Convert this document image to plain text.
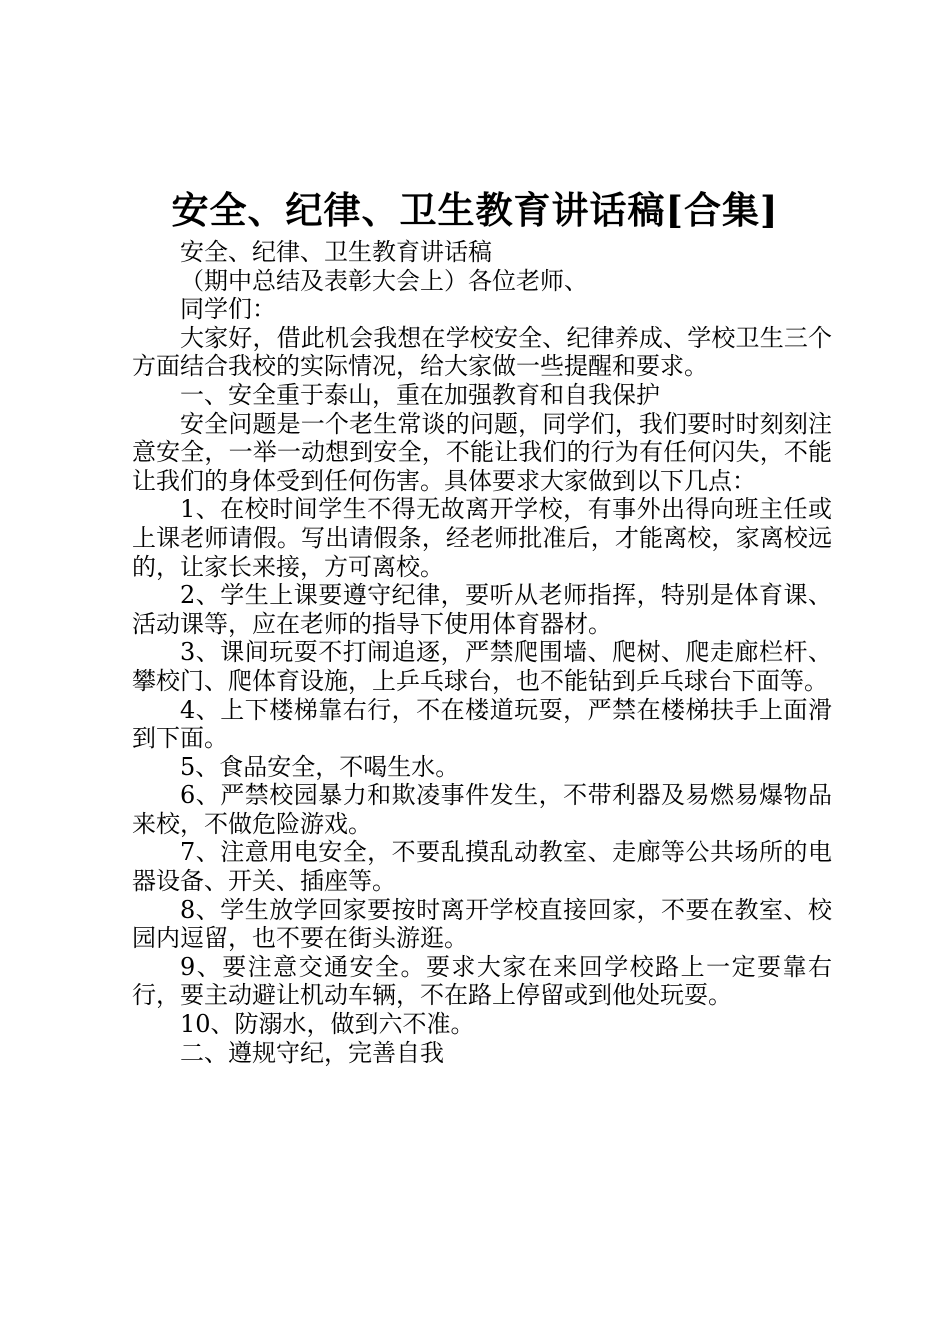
安全、纪律、卫生教育讲话稿[合集]

安全、纪律、卫生教育讲话稿

（期中总结及表彰大会上）各位老师、

同学们：

大家好，借此机会我想在学校安全、纪律养成、学校卫生三个方面结合我校的实际情况，给大家做一些提醒和要求。

一、安全重于泰山，重在加强教育和自我保护

安全问题是一个老生常谈的问题，同学们，我们要时时刻刻注意安全，一举一动想到安全，不能让我们的行为有任何闪失，不能让我们的身体受到任何伤害。具体要求大家做到以下几点：

1、在校时间学生不得无故离开学校，有事外出得向班主任或上课老师请假。写出请假条，经老师批准后，才能离校，家离校远的，让家长来接，方可离校。

2、学生上课要遵守纪律，要听从老师指挥，特别是体育课、活动课等，应在老师的指导下使用体育器材。

3、课间玩耍不打闹追逐，严禁爬围墙、爬树、爬走廊栏杆、攀校门、爬体育设施，上乒乓球台，也不能钻到乒乓球台下面等。

4、上下楼梯靠右行，不在楼道玩耍，严禁在楼梯扶手上面滑到下面。

5、食品安全，不喝生水。

6、严禁校园暴力和欺凌事件发生，不带利器及易燃易爆物品来校，不做危险游戏。

7、注意用电安全，不要乱摸乱动教室、走廊等公共场所的电器设备、开关、插座等。

8、学生放学回家要按时离开学校直接回家，不要在教室、校园内逗留，也不要在街头游逛。

9、要注意交通安全。要求大家在来回学校路上一定要靠右行，要主动避让机动车辆，不在路上停留或到他处玩耍。

10、防溺水，做到六不准。

二、遵规守纪，完善自我
